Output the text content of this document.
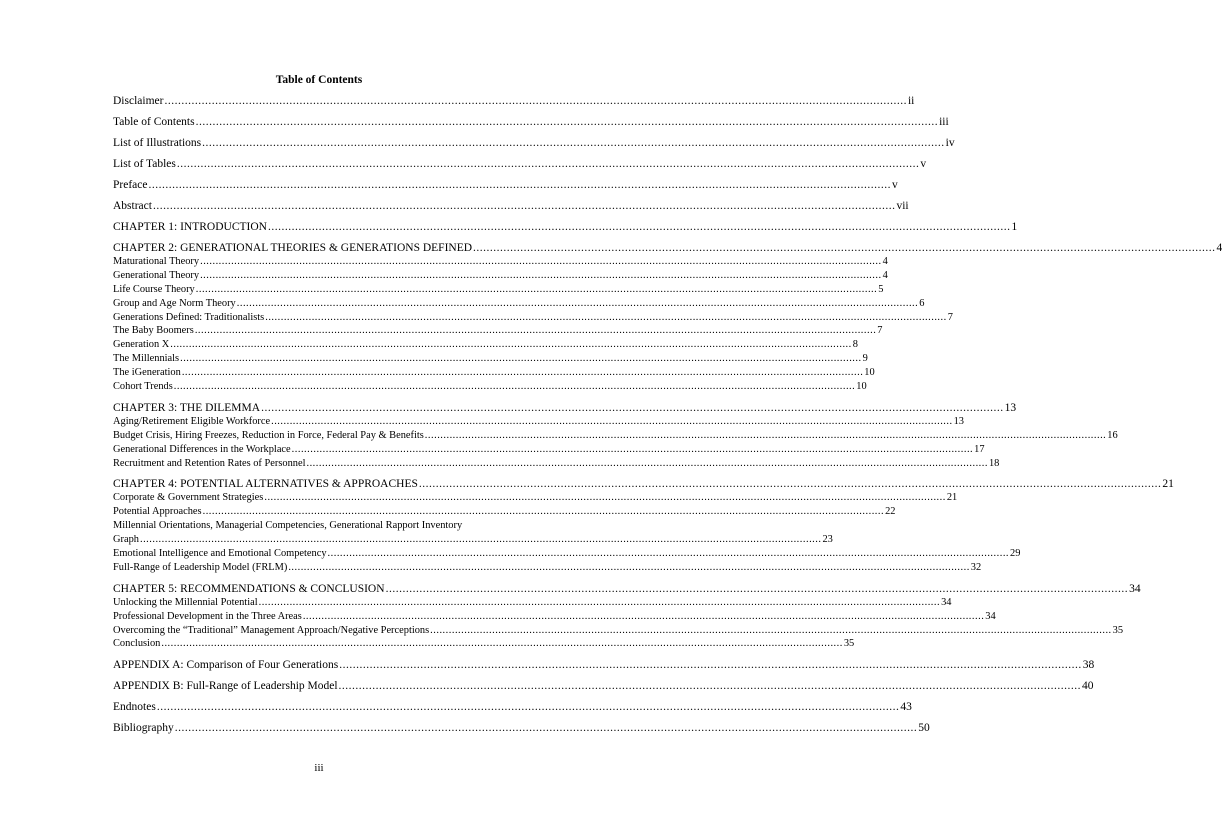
Table of Contents
Disclaimer ............................................................................................................................................................................................................................ ii
Table of Contents ............................................................................................................................................................................................................................ iii
List of Illustrations ............................................................................................................................................................................................................................ iv
List of Tables ............................................................................................................................................................................................................................ v
Preface ............................................................................................................................................................................................................................ v
Abstract ............................................................................................................................................................................................................................ vii
CHAPTER 1: INTRODUCTION ............................................................................................................................................................................................................................ 1
CHAPTER 2: GENERATIONAL THEORIES & GENERATIONS DEFINED ............................................................................................................................................................................................................................ 4
Maturational Theory ............................................................................................................................................................................................................................ 4
Generational Theory ............................................................................................................................................................................................................................ 4
Life Course Theory ............................................................................................................................................................................................................................ 5
Group and Age Norm Theory ............................................................................................................................................................................................................................ 6
Generations Defined: Traditionalists ............................................................................................................................................................................................................................ 7
The Baby Boomers ............................................................................................................................................................................................................................ 7
Generation X ............................................................................................................................................................................................................................ 8
The Millennials ............................................................................................................................................................................................................................ 9
The iGeneration ............................................................................................................................................................................................................................ 10
Cohort Trends ............................................................................................................................................................................................................................ 10
CHAPTER 3: THE DILEMMA ............................................................................................................................................................................................................................ 13
Aging/Retirement Eligible Workforce ............................................................................................................................................................................................................................ 13
Budget Crisis, Hiring Freezes, Reduction in Force, Federal Pay & Benefits ............................................................................................................................................................................................................................ 16
Generational Differences in the Workplace ............................................................................................................................................................................................................................ 17
Recruitment and Retention Rates of Personnel ............................................................................................................................................................................................................................ 18
CHAPTER 4: POTENTIAL ALTERNATIVES & APPROACHES ............................................................................................................................................................................................................................ 21
Corporate & Government Strategies ............................................................................................................................................................................................................................ 21
Potential Approaches ............................................................................................................................................................................................................................ 22
Millennial Orientations, Managerial Competencies, Generational Rapport Inventory
Graph ............................................................................................................................................................................................................................ 23
Emotional Intelligence and Emotional Competency ............................................................................................................................................................................................................................ 29
Full-Range of Leadership Model (FRLM) ............................................................................................................................................................................................................................ 32
CHAPTER 5: RECOMMENDATIONS & CONCLUSION ............................................................................................................................................................................................................................ 34
Unlocking the Millennial Potential ............................................................................................................................................................................................................................ 34
Professional Development in the Three Areas ............................................................................................................................................................................................................................ 34
Overcoming the “Traditional” Management Approach/Negative Perceptions ............................................................................................................................................................................................................................ 35
Conclusion ............................................................................................................................................................................................................................ 35
APPENDIX A: Comparison of Four Generations ............................................................................................................................................................................................................................ 38
APPENDIX B: Full-Range of Leadership Model ............................................................................................................................................................................................................................ 40
Endnotes ............................................................................................................................................................................................................................ 43
Bibliography ............................................................................................................................................................................................................................ 50
iii
